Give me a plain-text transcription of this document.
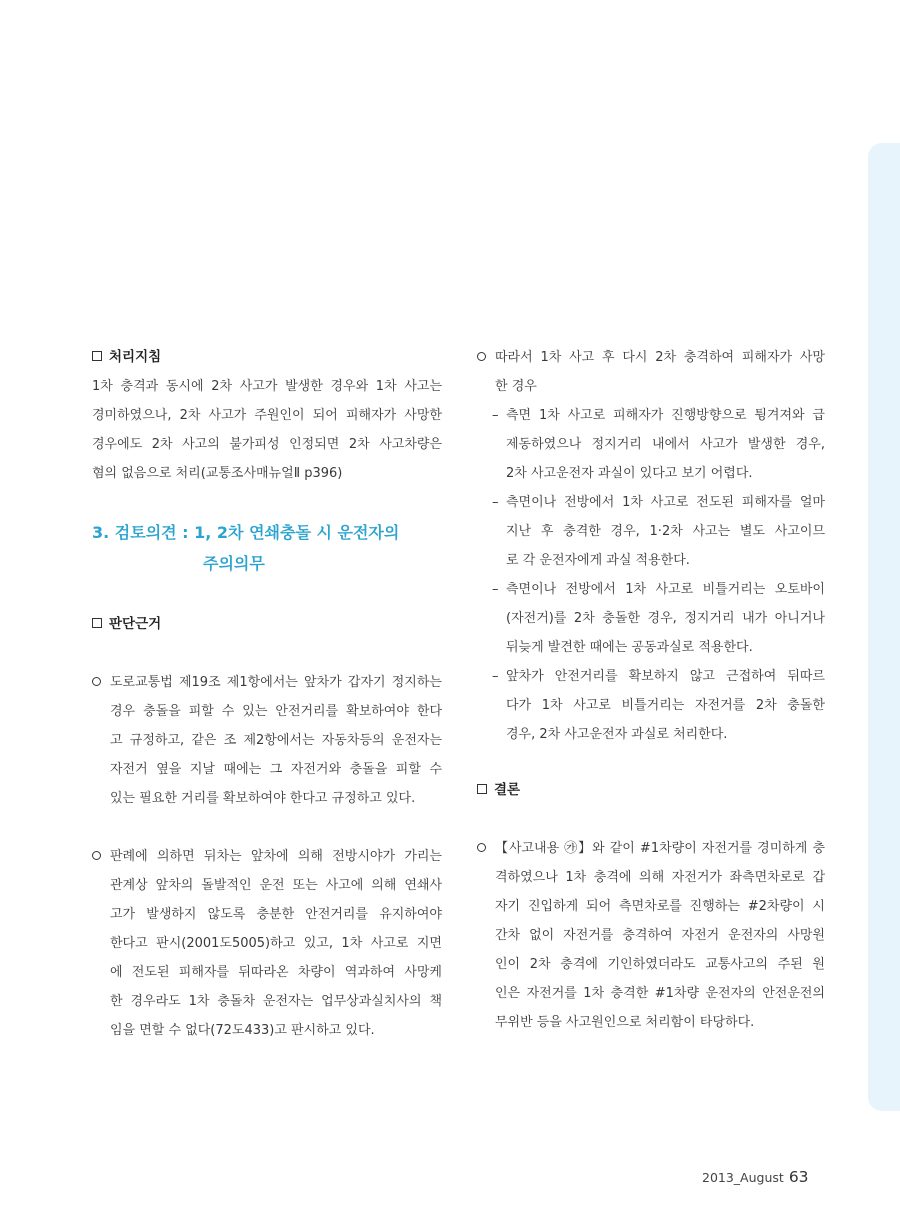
처리지침
1차 충격과 동시에 2차 사고가 발생한 경우와 1차 사고는
경미하였으나, 2차 사고가 주원인이 되어 피해자가 사망한
경우에도 2차 사고의 불가피성 인정되면 2차 사고차량은
혐의 없음으로 처리(교통조사매뉴얼Ⅱ p396)
3. 검토의견 : 1, 2차 연쇄충돌 시 운전자의
주의의무
판단근거
도로교통법 제19조 제1항에서는 앞차가 갑자기 정지하는
경우 충돌을 피할 수 있는 안전거리를 확보하여야 한다
고 규정하고, 같은 조 제2항에서는 자동차등의 운전자는
자전거 옆을 지날 때에는 그 자전거와 충돌을 피할 수
있는 필요한 거리를 확보하여야 한다고 규정하고 있다.
판례에 의하면 뒤차는 앞차에 의해 전방시야가 가리는
관계상 앞차의 돌발적인 운전 또는 사고에 의해 연쇄사
고가 발생하지 않도록 충분한 안전거리를 유지하여야
한다고 판시(2001도5005)하고 있고, 1차 사고로 지면
에 전도된 피해자를 뒤따라온 차량이 역과하여 사망케
한 경우라도 1차 충돌차 운전자는 업무상과실치사의 책
임을 면할 수 없다(72도433)고 판시하고 있다.
따라서 1차 사고 후 다시 2차 충격하여 피해자가 사망
한 경우
– 측면 1차 사고로 피해자가 진행방향으로 튕겨져와 급
제동하였으나 정지거리 내에서 사고가 발생한 경우,
2차 사고운전자 과실이 있다고 보기 어렵다.
– 측면이나 전방에서 1차 사고로 전도된 피해자를 얼마
지난 후 충격한 경우, 1·2차 사고는 별도 사고이므
로 각 운전자에게 과실 적용한다.
– 측면이나 전방에서 1차 사고로 비틀거리는 오토바이
(자전거)를 2차 충돌한 경우, 정지거리 내가 아니거나
뒤늦게 발견한 때에는 공동과실로 적용한다.
– 앞차가 안전거리를 확보하지 않고 근접하여 뒤따르
다가 1차 사고로 비틀거리는 자전거를 2차 충돌한
경우, 2차 사고운전자 과실로 처리한다.
결론
【사고내용 ㉮】와 같이 #1차량이 자전거를 경미하게 충
격하였으나 1차 충격에 의해 자전거가 좌측면차로로 갑
자기 진입하게 되어 측면차로를 진행하는 #2차량이 시
간차 없이 자전거를 충격하여 자전거 운전자의 사망원
인이 2차 충격에 기인하였더라도 교통사고의 주된 원
인은 자전거를 1차 충격한 #1차량 운전자의 안전운전의
무위반 등을 사고원인으로 처리함이 타당하다.
2013_August 63
